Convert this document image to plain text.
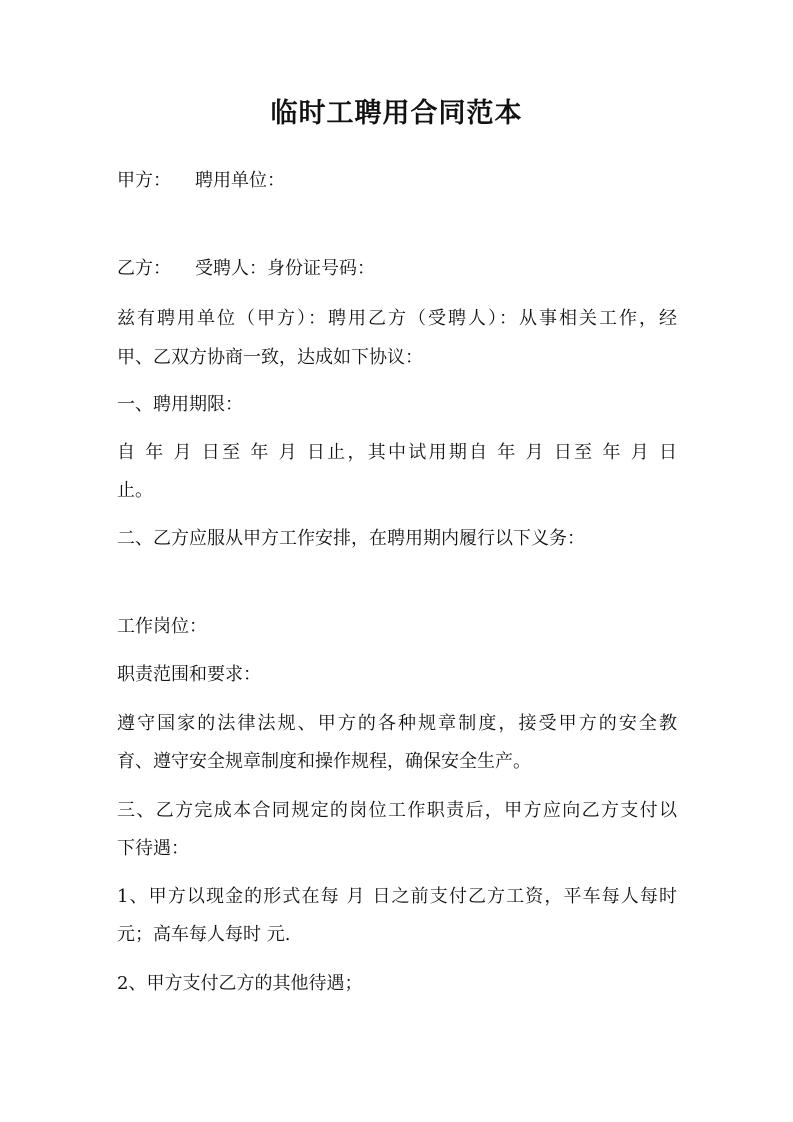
临时工聘用合同范本
甲方： 聘用单位：
乙方： 受聘人：身份证号码：
兹有聘用单位（甲方）：聘用乙方（受聘人）：从事相关工作，经
甲、乙双方协商一致，达成如下协议：
一、聘用期限：
自 年 月 日至 年 月 日止，其中试用期自 年 月 日至 年 月 日
止。
二、乙方应服从甲方工作安排，在聘用期内履行以下义务：
工作岗位：
职责范围和要求：
遵守国家的法律法规、甲方的各种规章制度，接受甲方的安全教
育、遵守安全规章制度和操作规程，确保安全生产。
三、乙方完成本合同规定的岗位工作职责后，甲方应向乙方支付以
下待遇：
1、甲方以现金的形式在每 月 日之前支付乙方工资，平车每人每时
元；高车每人每时 元.
2、甲方支付乙方的其他待遇；
